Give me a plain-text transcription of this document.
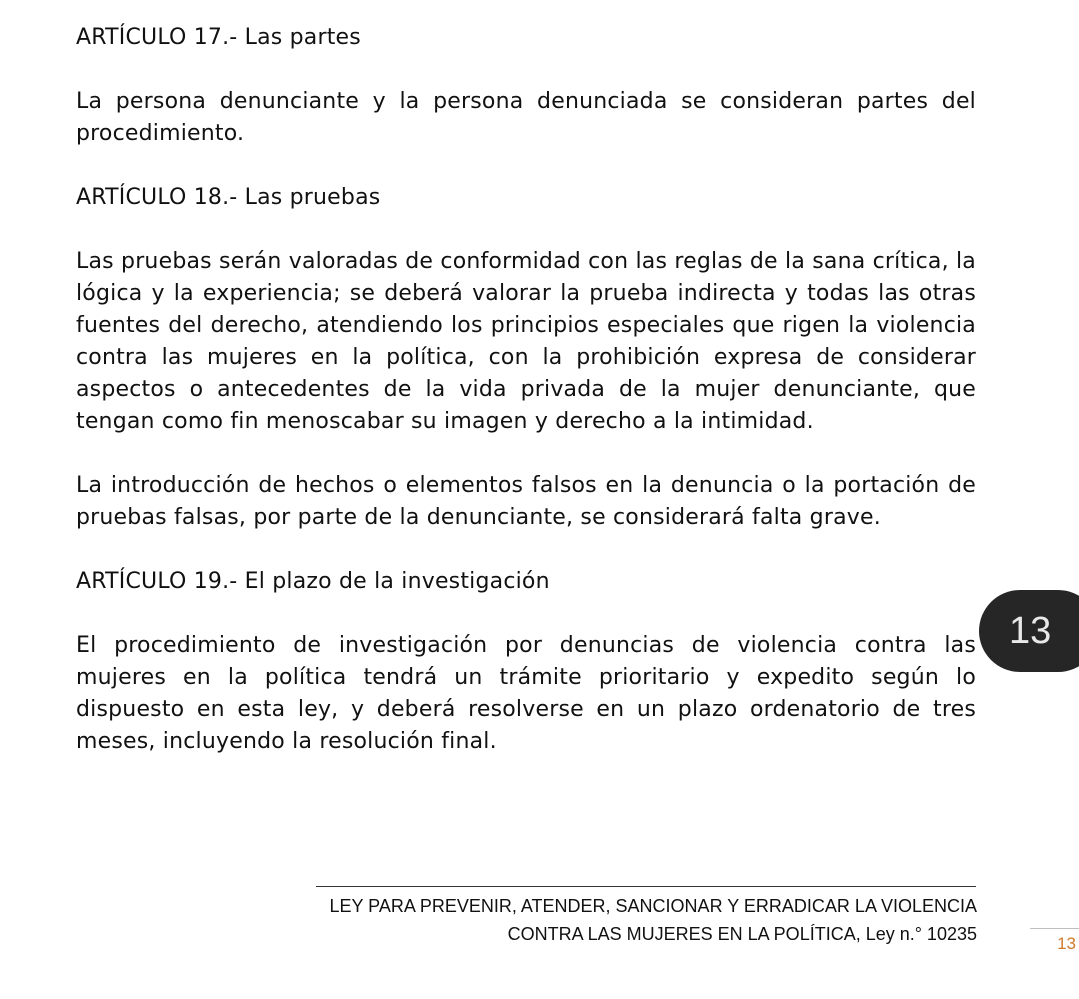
ARTÍCULO 17.- Las partes

La persona denunciante y la persona denunciada se consideran partes del procedimiento.

ARTÍCULO 18.- Las pruebas

Las pruebas serán valoradas de conformidad con las reglas de la sana crítica, la lógica y la experiencia; se deberá valorar la prueba indirecta y todas las otras fuentes del derecho, atendiendo los principios especiales que rigen la violencia contra las mujeres en la política, con la prohibición expresa de considerar aspectos o antecedentes de la vida privada de la mujer denunciante, que tengan como fin menoscabar su imagen y derecho a la intimidad.

La introducción de hechos o elementos falsos en la denuncia o la portación de pruebas falsas, por parte de la denunciante, se considerará falta grave.

ARTÍCULO 19.- El plazo de la investigación

El procedimiento de investigación por denuncias de violencia contra las mujeres en la política tendrá un trámite prioritario y expedito según lo dispuesto en esta ley, y deberá resolverse en un plazo ordenatorio de tres meses, incluyendo la resolución final.

13
LEY PARA PREVENIR, ATENDER, SANCIONAR Y ERRADICAR LA VIOLENCIA
CONTRA LAS MUJERES EN LA POLÍTICA, Ley n.° 10235	13
